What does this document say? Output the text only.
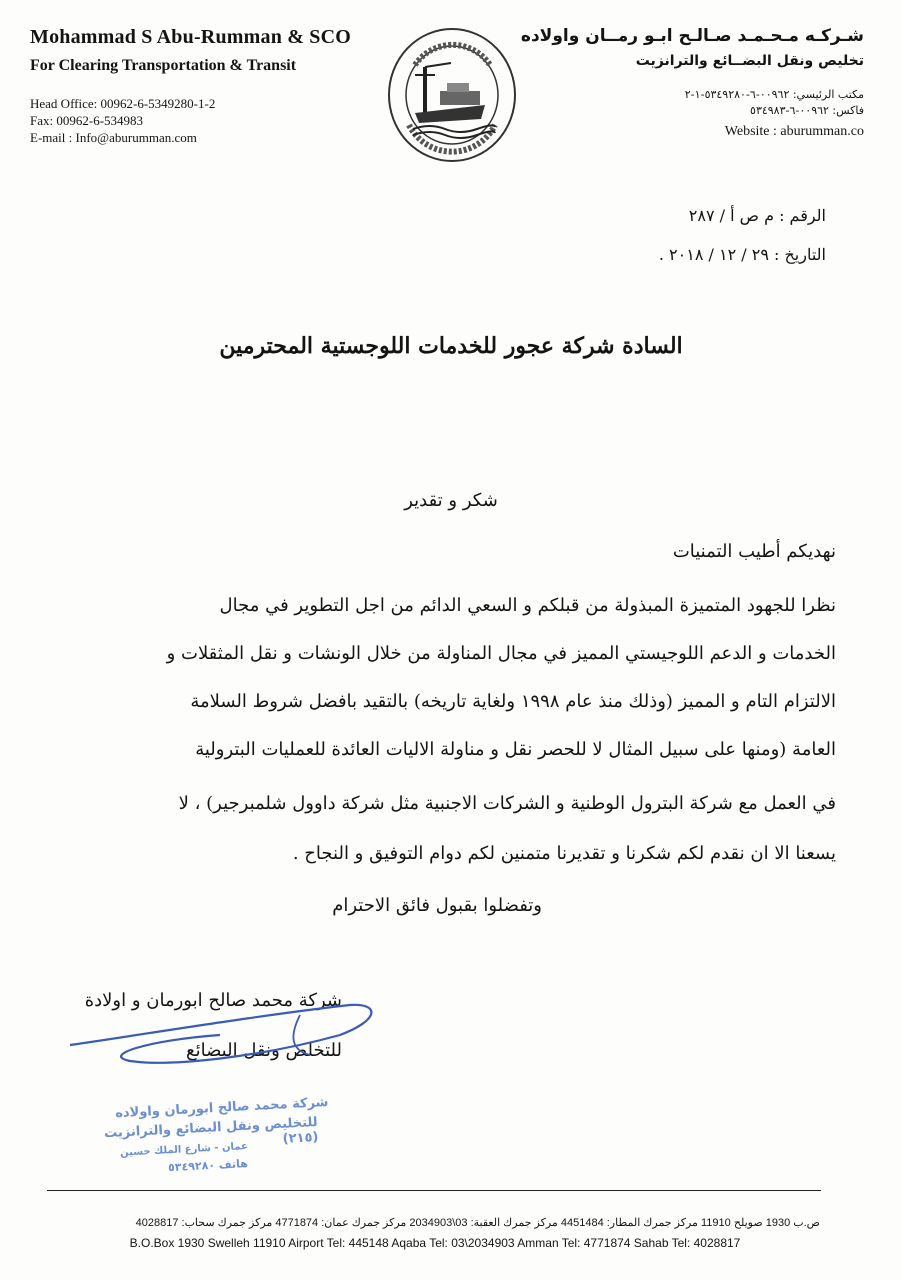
Mohammad S Abu-Rumman & SCO
For Clearing Transportation & Transit
Head Office: 00962-6-5349280-1-2
Fax: 00962-6-534983
E-mail : Info@aburumman.com
شـركـه مـحـمـد صـالـح ابـو رمــان واولاده
تخليص ونقل البضــائع والترانزيت
مكتب الرئيسي: ٠٠٩٦٢-٦-٥٣٤٩٢٨٠-١-٢
فاكس: ٠٠٩٦٢-٦-٥٣٤٩٨٣
Website : aburumman.co
الرقم : م ص أ / ٢٨٧
التاريخ : ٢٩ / ١٢ / ٢٠١٨ .
السادة شركة عجور للخدمات اللوجستية المحترمين
شكر و تقدير
نهديكم أطيب التمنيات
نظرا للجهود المتميزة المبذولة من قبلكم و السعي الدائم من اجل التطوير في مجال
الخدمات و الدعم اللوجيستي المميز في مجال المناولة من خلال الونشات و نقل المثقلات و
الالتزام التام و المميز (وذلك منذ عام ١٩٩٨ ولغاية تاريخه) بالتقيد بافضل شروط السلامة
العامة (ومنها على سبيل المثال لا للحصر نقل و مناولة الاليات العائدة للعمليات البترولية
في العمل مع شركة البترول الوطنية و الشركات الاجنبية مثل شركة داوول شلمبرجير) ، لا
يسعنا الا ان نقدم لكم شكرنا و تقديرنا متمنين لكم دوام التوفيق و النجاح .
وتفضلوا بقبول فائق الاحترام
شركة محمد صالح ابورمان و اولادة
للتخلص ونقل البضائع
شركة محمد صالح ابورمان واولاده
للتخليص ونقل البضائع والترانزيت (٢١٥)
عمان - شارع الملك حسين
هاتف ٥٣٤٩٢٨٠
ص.ب 1930 صويلح 11910 مركز جمرك المطار: 4451484 مركز جمرك العقبة: 03\2034903 مركز جمرك عمان: 4771874 مركز جمرك سحاب: 4028817
B.O.Box 1930 Swelleh 11910 Airport Tel: 445148 Aqaba Tel: 03\2034903 Amman Tel: 4771874 Sahab Tel: 4028817
